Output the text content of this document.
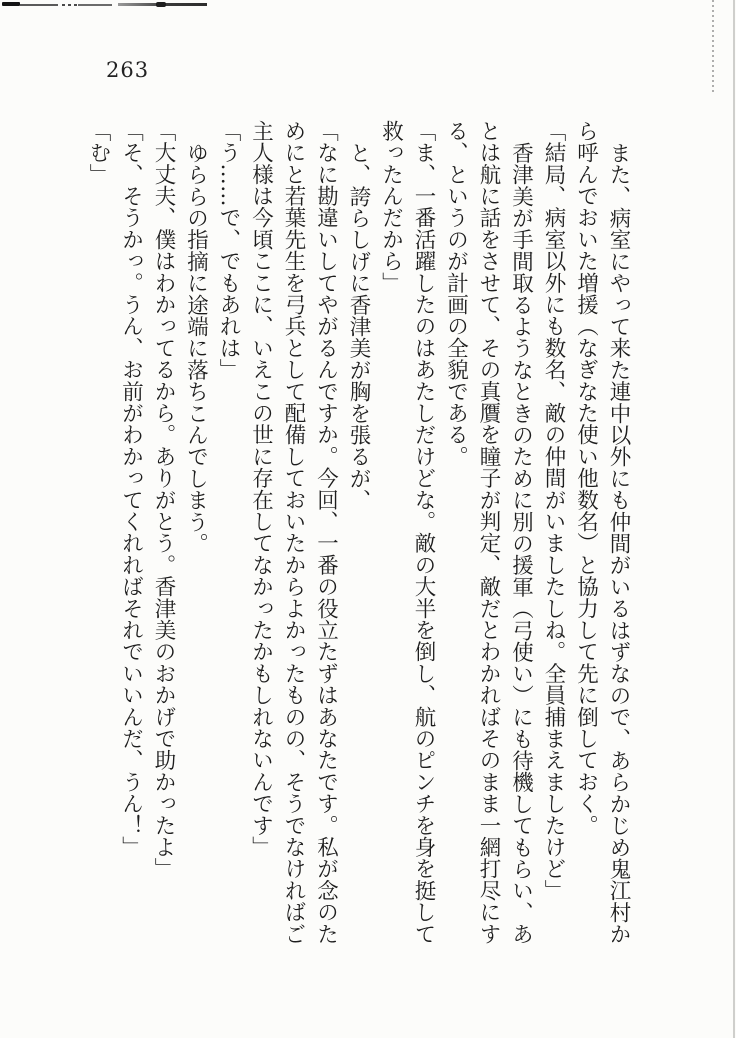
263
また、病室にやって来た連中以外にも仲間がいるはずなので、あらかじめ鬼江村か
ら呼んでおいた増援（なぎなた使い他数名）と協力して先に倒しておく。
「結局、病室以外にも数名、敵の仲間がいましたしね。全員捕まえましたけど」
香津美が手間取るようなときのために別の援軍（弓使い）にも待機してもらい、あ
とは航に話をさせて、その真贋を瞳子が判定、敵だとわかればそのまま一網打尽にす
る、というのが計画の全貌である。
「ま、一番活躍したのはあたしだけどな。敵の大半を倒し、航のピンチを身を挺して
救ったんだから」
と、誇らしげに香津美が胸を張るが、
「なに勘違いしてやがるんですか。今回、一番の役立たずはあなたです。私が念のた
めにと若葉先生を弓兵として配備しておいたからよかったものの、そうでなければご
主人様は今頃ここに、いえこの世に存在してなかったかもしれないんです」
「う……で、でもあれは」
ゆららの指摘に途端に落ちこんでしまう。
「大丈夫、僕はわかってるから。ありがとう。香津美のおかげで助かったよ」
「そ、そうかっ。うん、お前がわかってくれればそれでいいんだ、うん！」
「む」
